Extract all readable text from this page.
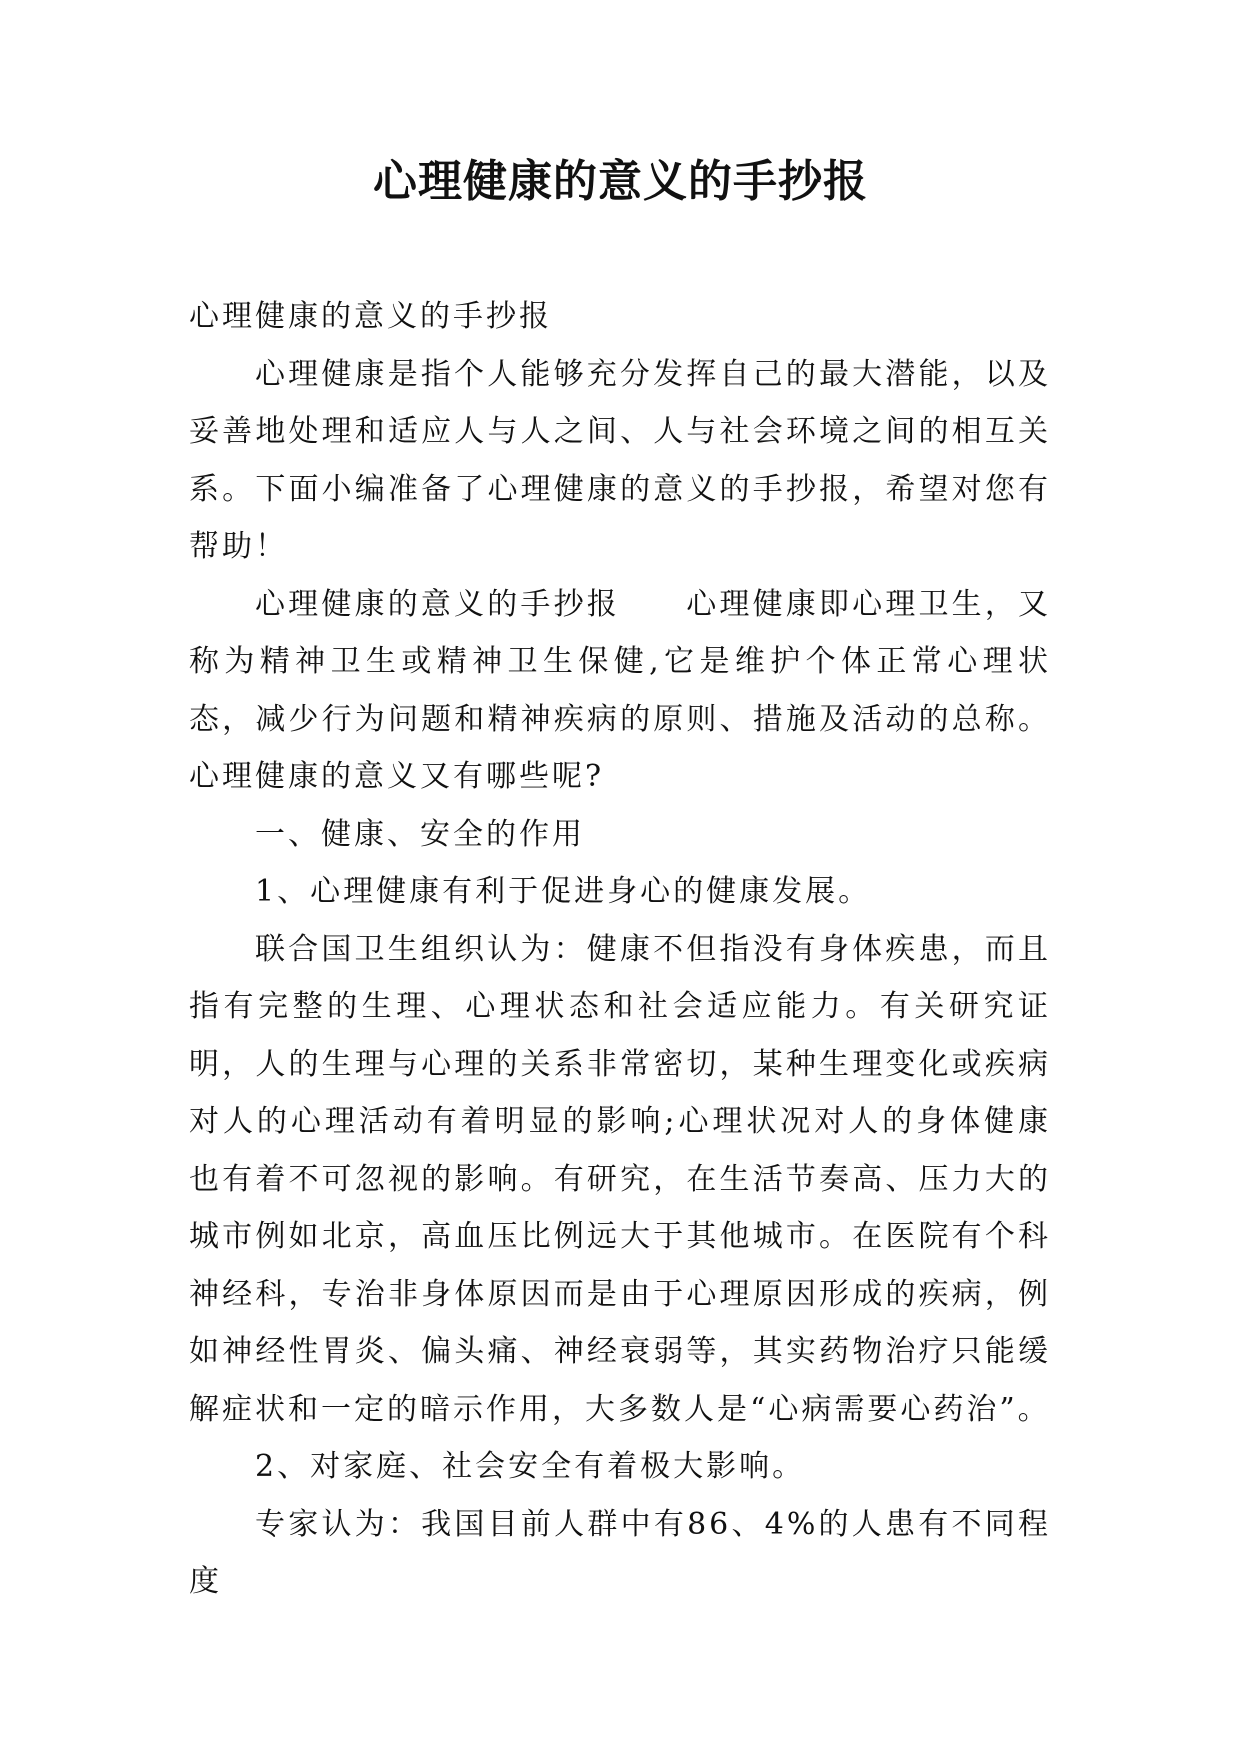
心理健康的意义的手抄报

心理健康的意义的手抄报

心理健康是指个人能够充分发挥自己的最大潜能，以及妥善地处理和适应人与人之间、人与社会环境之间的相互关系。下面小编准备了心理健康的意义的手抄报，希望对您有帮助！

心理健康的意义的手抄报　　心理健康即心理卫生，又称为精神卫生或精神卫生保健,它是维护个体正常心理状态，减少行为问题和精神疾病的原则、措施及活动的总称。心理健康的意义又有哪些呢?

一、健康、安全的作用

1、心理健康有利于促进身心的健康发展。

联合国卫生组织认为：健康不但指没有身体疾患，而且指有完整的生理、心理状态和社会适应能力。有关研究证明，人的生理与心理的关系非常密切，某种生理变化或疾病对人的心理活动有着明显的影响;心理状况对人的身体健康也有着不可忽视的影响。有研究，在生活节奏高、压力大的城市例如北京，高血压比例远大于其他城市。在医院有个科神经科，专治非身体原因而是由于心理原因形成的疾病，例如神经性胃炎、偏头痛、神经衰弱等，其实药物治疗只能缓解症状和一定的暗示作用，大多数人是“心病需要心药治”。

2、对家庭、社会安全有着极大影响。

专家认为：我国目前人群中有86、4%的人患有不同程度
